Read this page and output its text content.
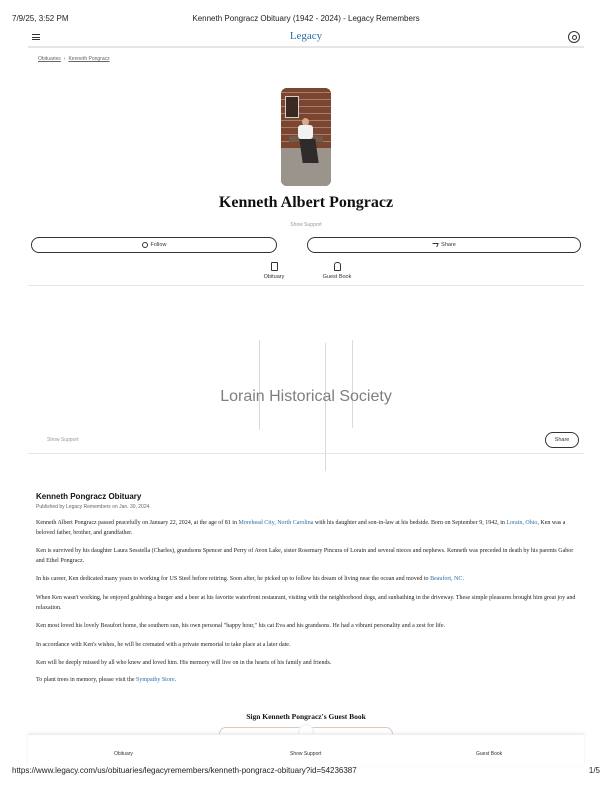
7/9/25, 3:52 PM	Kenneth Pongracz Obituary (1942 - 2024) - Legacy Remembers
Legacy
Obituaries › Kenneth Pongracz
Kenneth Albert Pongracz
Show Support
Follow	Share
Obituary	Guest Book
Lorain Historical Society
Show Support	Share
Kenneth Pongracz Obituary
Published by Legacy Remembers on Jan. 30, 2024.
Kenneth Albert Pongracz passed peacefully on January 22, 2024, at the age of 81 in Morehead City, North Carolina with his daughter and son-in-law at his bedside. Born on September 9, 1942, in Lorain, Ohio, Ken was a beloved father, brother, and grandfather.
Ken is survived by his daughter Laura Sesstella (Charles), grandsons Spencer and Perry of Avon Lake, sister Rosemary Pincura of Lorain and several nieces and nephews. Kenneth was preceded in death by his parents Gabor and Ethel Pongracz.
In his career, Ken dedicated many years to working for US Steel before retiring. Soon after, he picked up to follow his dream of living near the ocean and moved to Beaufort, NC.
When Ken wasn't working, he enjoyed grabbing a burger and a beer at his favorite waterfront restaurant, visiting with the neighborhood dogs, and sunbathing in the driveway. These simple pleasures brought him great joy and relaxation.
Ken most loved his lovely Beaufort home, the southern sun, his own personal "happy hour," his cat Eva and his grandsons. He had a vibrant personality and a zest for life.
In accordance with Ken's wishes, he will be cremated with a private memorial to take place at a later date.
Ken will be deeply missed by all who knew and loved him. His memory will live on in the hearts of his family and friends.
To plant trees in memory, please visit the Sympathy Store.
Sign Kenneth Pongracz's Guest Book
Obituary	Show Support	Guest Book
https://www.legacy.com/us/obituaries/legacyremembers/kenneth-pongracz-obituary?id=54236387	1/5
